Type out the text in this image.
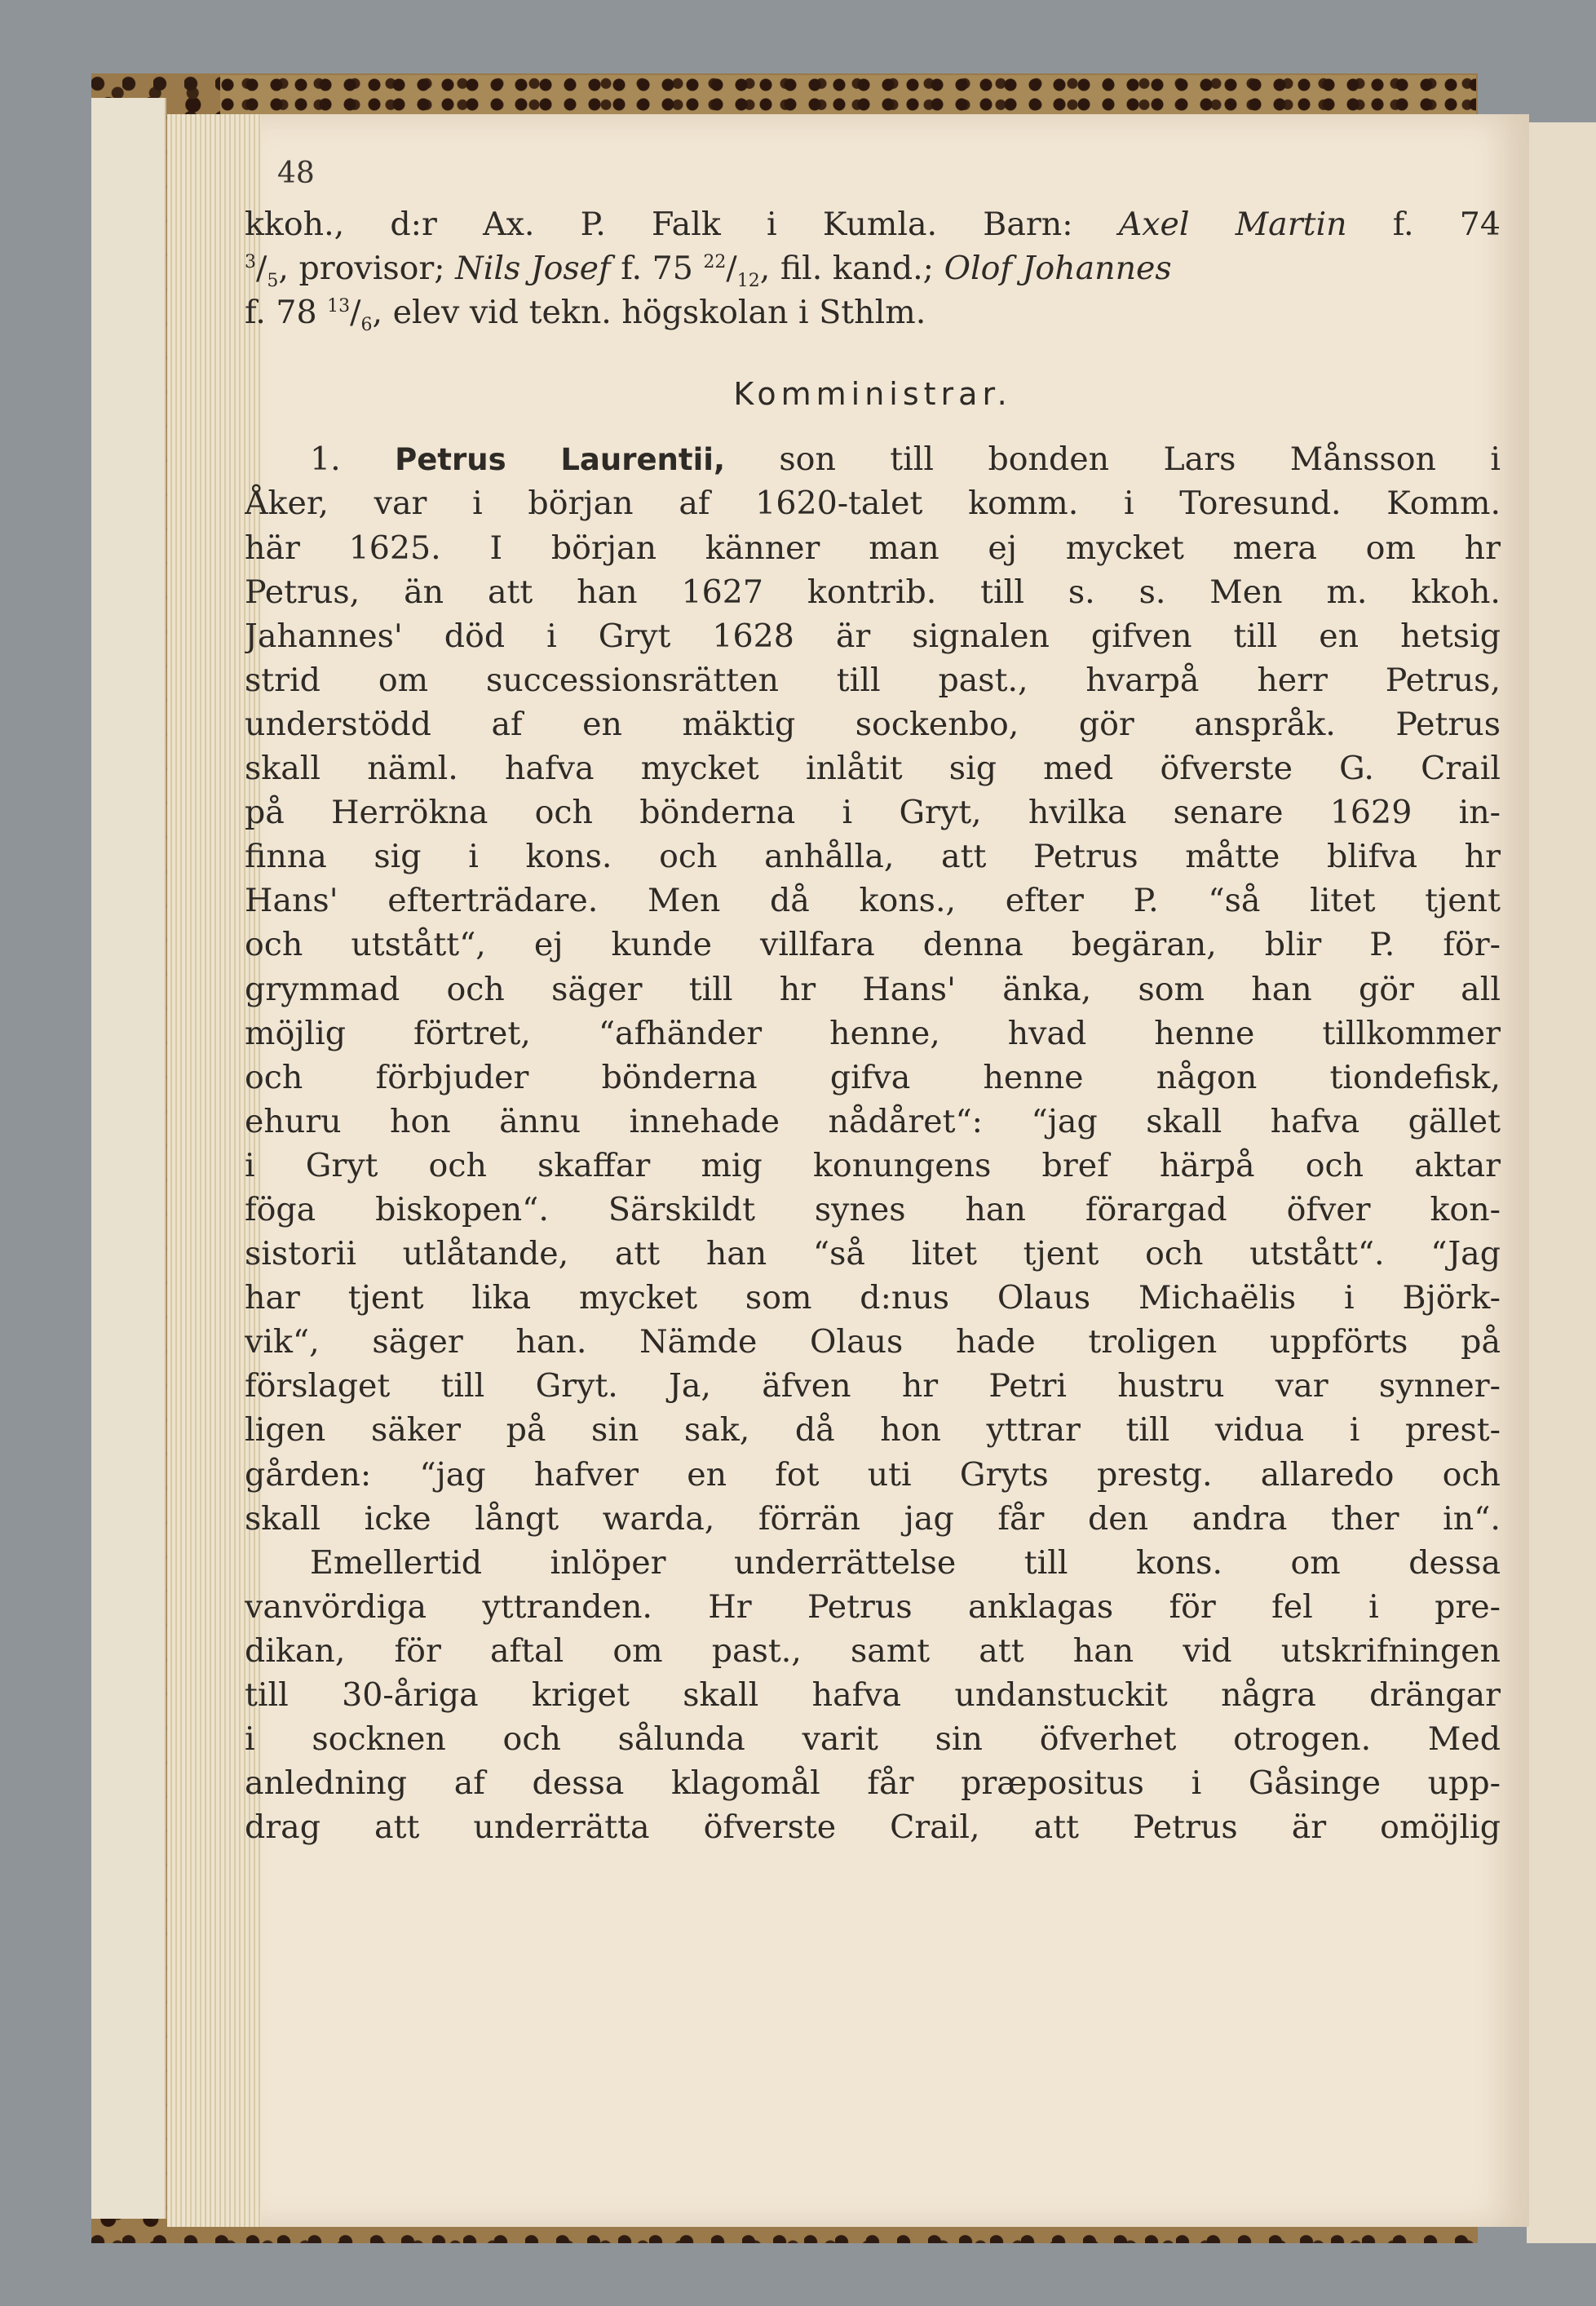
48
kkoh., d:r Ax. P. Falk i Kumla. Barn: Axel Martin f. 74
$^3/_5$, provisor; Nils Josef f. 75 $^{22}/_{12}$, fil. kand.; Olof Johannes
f. 78 $^{13}/_6$, elev vid tekn. högskolan i Sthlm.
Komministrar.
1. Petrus Laurentii, son till bonden Lars Månsson i
Åker, var i början af 1620-talet komm. i Toresund. Komm.
här 1625. I början känner man ej mycket mera om hr
Petrus, än att han 1627 kontrib. till s. s. Men m. kkoh.
Jahannes' död i Gryt 1628 är signalen gifven till en hetsig
strid om successionsrätten till past., hvarpå herr Petrus,
understödd af en mäktig sockenbo, gör anspråk. Petrus
skall näml. hafva mycket inlåtit sig med öfverste G. Crail
på Herrökna och bönderna i Gryt, hvilka senare 1629 in-
finna sig i kons. och anhålla, att Petrus måtte blifva hr
Hans' efterträdare. Men då kons., efter P. “så litet tjent
och utstått“, ej kunde villfara denna begäran, blir P. för-
grymmad och säger till hr Hans' änka, som han gör all
möjlig förtret, “afhänder henne, hvad henne tillkommer
och förbjuder bönderna gifva henne någon tiondefisk,
ehuru hon ännu innehade nådåret“: “jag skall hafva gället
i Gryt och skaffar mig konungens bref härpå och aktar
föga biskopen“. Särskildt synes han förargad öfver kon-
sistorii utlåtande, att han “så litet tjent och utstått“. “Jag
har tjent lika mycket som d:nus Olaus Michaëlis i Björk-
vik“, säger han. Nämde Olaus hade troligen uppförts på
förslaget till Gryt. Ja, äfven hr Petri hustru var synner-
ligen säker på sin sak, då hon yttrar till vidua i prest-
gården: “jag hafver en fot uti Gryts prestg. allaredo och
skall icke långt warda, förrän jag får den andra ther in“.
Emellertid inlöper underrättelse till kons. om dessa
vanvördiga yttranden. Hr Petrus anklagas för fel i pre-
dikan, för aftal om past., samt att han vid utskrifningen
till 30-åriga kriget skall hafva undanstuckit några drängar
i socknen och sålunda varit sin öfverhet otrogen. Med
anledning af dessa klagomål får præpositus i Gåsinge upp-
drag att underrätta öfverste Crail, att Petrus är omöjlig
